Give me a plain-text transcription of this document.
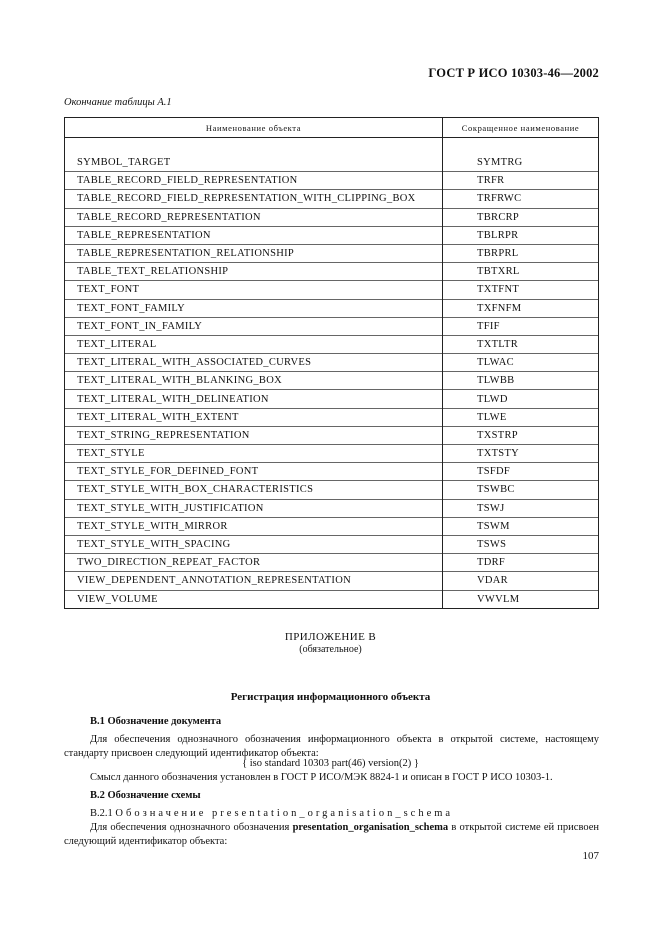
ГОСТ Р ИСО 10303-46—2002
Окончание таблицы А.1
Наименование объекта	Сокращенное наименование

SYMBOL_TARGET	SYMTRG
TABLE_RECORD_FIELD_REPRESENTATION	TRFR
TABLE_RECORD_FIELD_REPRESENTATION_WITH_CLIPPING_BOX	TRFRWC
TABLE_RECORD_REPRESENTATION	TBRCRP
TABLE_REPRESENTATION	TBLRPR
TABLE_REPRESENTATION_RELATIONSHIP	TBRPRL
TABLE_TEXT_RELATIONSHIP	TBTXRL
TEXT_FONT	TXTFNT
TEXT_FONT_FAMILY	TXFNFM
TEXT_FONT_IN_FAMILY	TFIF
TEXT_LITERAL	TXTLTR
TEXT_LITERAL_WITH_ASSOCIATED_CURVES	TLWAC
TEXT_LITERAL_WITH_BLANKING_BOX	TLWBB
TEXT_LITERAL_WITH_DELINEATION	TLWD
TEXT_LITERAL_WITH_EXTENT	TLWE
TEXT_STRING_REPRESENTATION	TXSTRP
TEXT_STYLE	TXTSTY
TEXT_STYLE_FOR_DEFINED_FONT	TSFDF
TEXT_STYLE_WITH_BOX_CHARACTERISTICS	TSWBC
TEXT_STYLE_WITH_JUSTIFICATION	TSWJ
TEXT_STYLE_WITH_MIRROR	TSWM
TEXT_STYLE_WITH_SPACING	TSWS
TWO_DIRECTION_REPEAT_FACTOR	TDRF
VIEW_DEPENDENT_ANNOTATION_REPRESENTATION	VDAR
VIEW_VOLUME	VWVLM
ПРИЛОЖЕНИЕ В
(обязательное)
Регистрация информационного объекта
В.1 Обозначение документа
Для обеспечения однозначного обозначения информационного объекта в открытой системе, настоящему стандарту присвоен следующий идентификатор объекта:
{ iso standard 10303 part(46) version(2) }
Смысл данного обозначения установлен в ГОСТ Р ИСО/МЭК 8824-1 и описан в ГОСТ Р ИСО 10303-1.
В.2 Обозначение схемы
В.2.1 Обозначение presentation_organisation_schema
Для обеспечения однозначного обозначения presentation_organisation_schema в открытой системе ей присвоен следующий идентификатор объекта:
107
